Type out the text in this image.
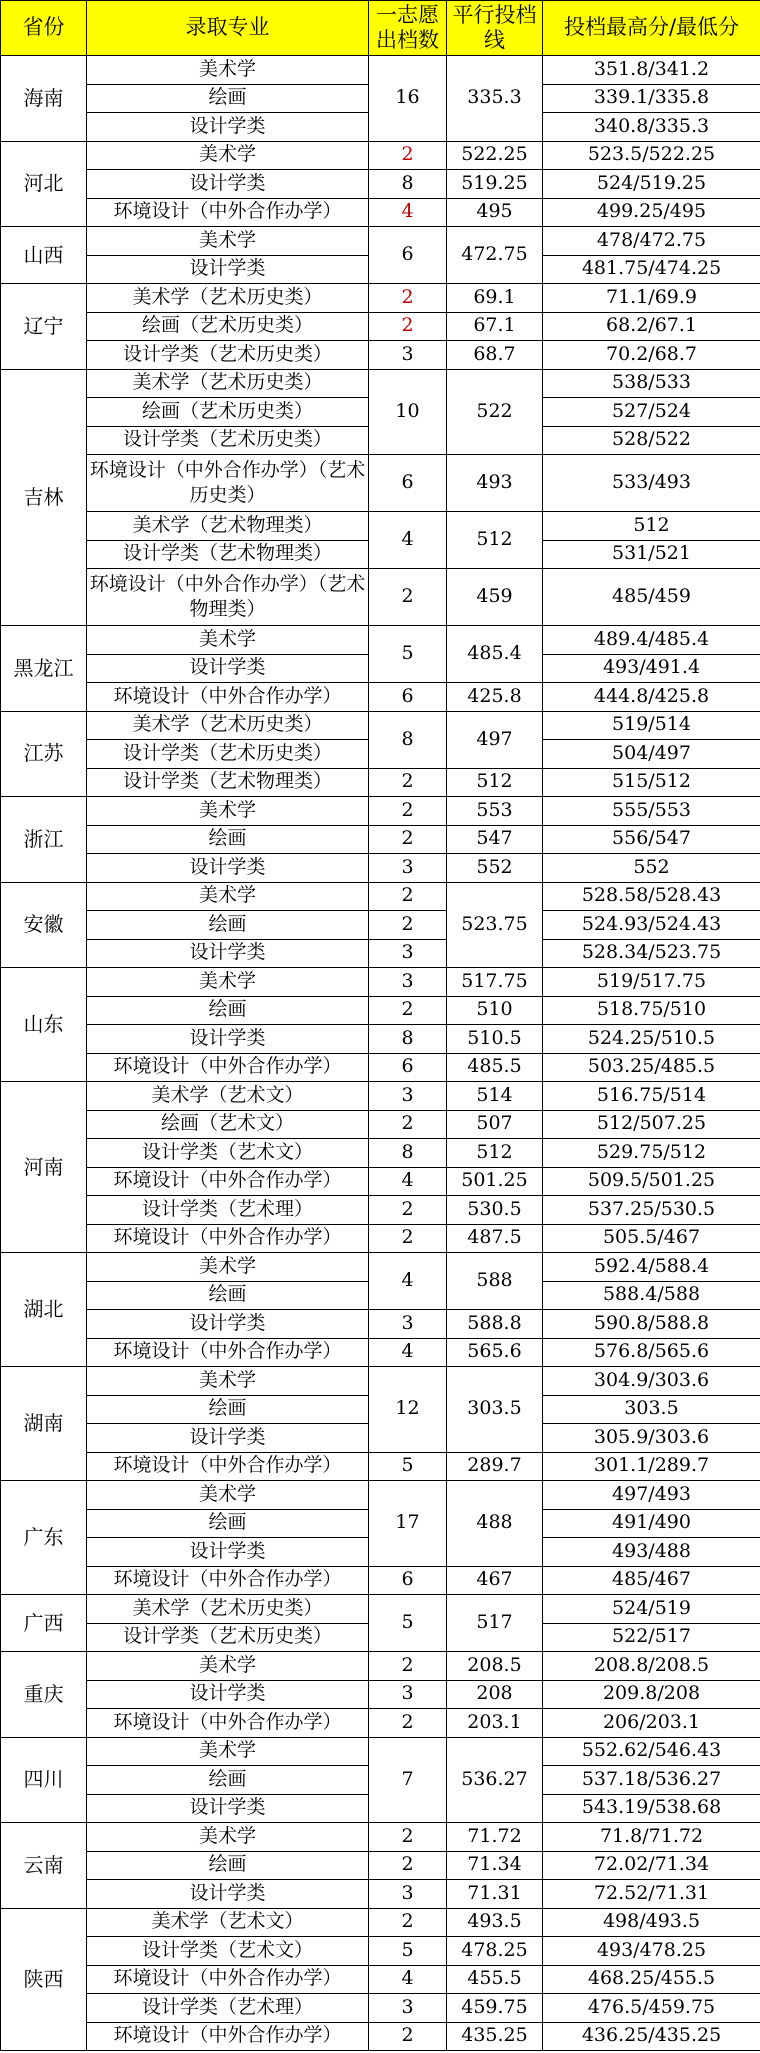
省份	录取专业	一志愿出档数	平行投档线	投档最高分/最低分
海南	美术学	16	335.3	351.8/341.2
	绘画			339.1/335.8
	设计学类			340.8/335.3
河北	美术学	2	522.25	523.5/522.25
	设计学类	8	519.25	524/519.25
	环境设计（中外合作办学）	4	495	499.25/495
山西	美术学	6	472.75	478/472.75
	设计学类			481.75/474.25
辽宁	美术学（艺术历史类）	2	69.1	71.1/69.9
	绘画（艺术历史类）	2	67.1	68.2/67.1
	设计学类（艺术历史类）	3	68.7	70.2/68.7
吉林	美术学（艺术历史类）	10	522	538/533
	绘画（艺术历史类）			527/524
	设计学类（艺术历史类）			528/522
	环境设计（中外合作办学）（艺术历史类）	6	493	533/493

	美术学（艺术物理类）	4	512	512
	设计学类（艺术物理类）			531/521
	环境设计（中外合作办学）（艺术物理类）	2	459	485/459

黑龙江	美术学	5	485.4	489.4/485.4
	设计学类			493/491.4
	环境设计（中外合作办学）	6	425.8	444.8/425.8
江苏	美术学（艺术历史类）	8	497	519/514
	设计学类（艺术历史类）			504/497
	设计学类（艺术物理类）	2	512	515/512
浙江	美术学	2	553	555/553
	绘画	2	547	556/547
	设计学类	3	552	552
安徽	美术学	2	523.75	528.58/528.43
	绘画	2		524.93/524.43
	设计学类	3		528.34/523.75
山东	美术学	3	517.75	519/517.75
	绘画	2	510	518.75/510
	设计学类	8	510.5	524.25/510.5
	环境设计（中外合作办学）	6	485.5	503.25/485.5
河南	美术学（艺术文）	3	514	516.75/514
	绘画（艺术文）	2	507	512/507.25
	设计学类（艺术文）	8	512	529.75/512
	环境设计（中外合作办学）	4	501.25	509.5/501.25
	设计学类（艺术理）	2	530.5	537.25/530.5
	环境设计（中外合作办学）	2	487.5	505.5/467
湖北	美术学	4	588	592.4/588.4
	绘画			588.4/588
	设计学类	3	588.8	590.8/588.8
	环境设计（中外合作办学）	4	565.6	576.8/565.6
湖南	美术学	12	303.5	304.9/303.6
	绘画			303.5
	设计学类			305.9/303.6
	环境设计（中外合作办学）	5	289.7	301.1/289.7
广东	美术学	17	488	497/493
	绘画			491/490
	设计学类			493/488
	环境设计（中外合作办学）	6	467	485/467
广西	美术学（艺术历史类）	5	517	524/519
	设计学类（艺术历史类）			522/517
重庆	美术学	2	208.5	208.8/208.5
	设计学类	3	208	209.8/208
	环境设计（中外合作办学）	2	203.1	206/203.1
四川	美术学	7	536.27	552.62/546.43
	绘画			537.18/536.27
	设计学类			543.19/538.68
云南	美术学	2	71.72	71.8/71.72
	绘画	2	71.34	72.02/71.34
	设计学类	3	71.31	72.52/71.31
陕西	美术学（艺术文）	2	493.5	498/493.5
	设计学类（艺术文）	5	478.25	493/478.25
	环境设计（中外合作办学）	4	455.5	468.25/455.5
	设计学类（艺术理）	3	459.75	476.5/459.75
	环境设计（中外合作办学）	2	435.25	436.25/435.25
